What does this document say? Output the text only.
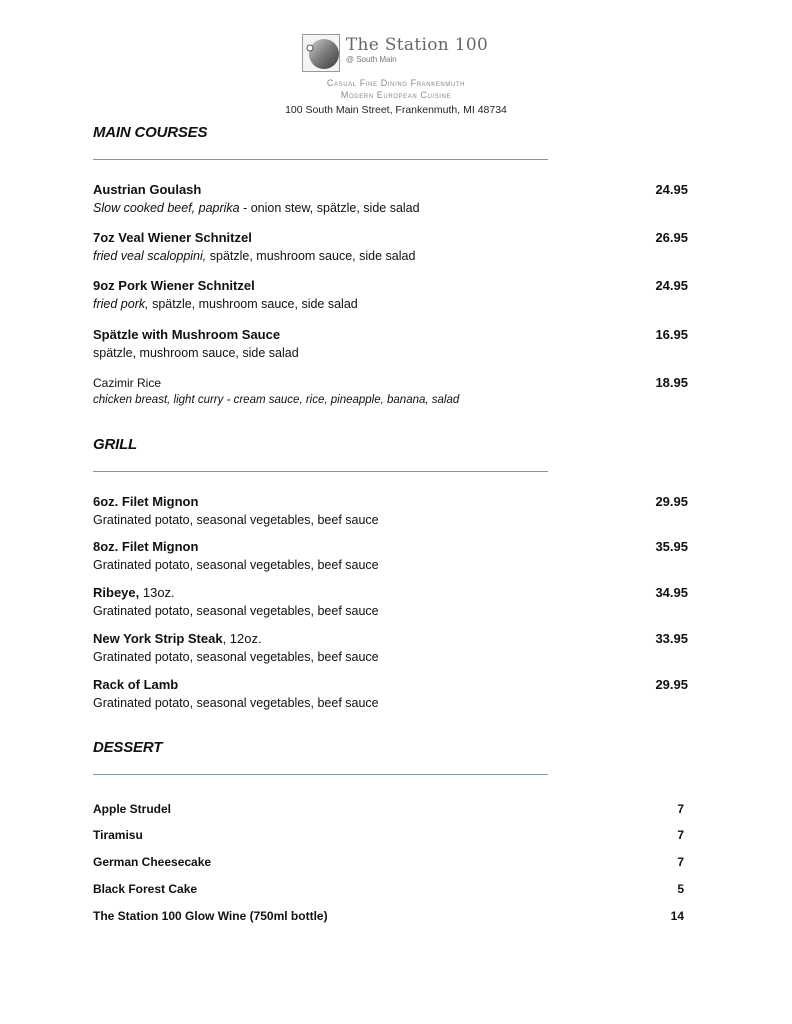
The Station 100
@ South Main
Casual Fine Dining Frankenmuth
Modern European Cuisine
100 South Main Street, Frankenmuth, MI 48734
MAIN COURSES
Austrian Goulash
Slow cooked beef, paprika - onion stew, spätzle, side salad
24.95
7oz Veal Wiener Schnitzel
fried veal scaloppini, spätzle, mushroom sauce, side salad
26.95
9oz Pork Wiener Schnitzel
fried pork, spätzle, mushroom sauce, side salad
24.95
Spätzle with Mushroom Sauce
spätzle, mushroom sauce, side salad
16.95
Cazimir Rice
chicken breast, light curry - cream sauce, rice, pineapple, banana, salad
18.95
GRILL
6oz. Filet Mignon
Gratinated potato, seasonal vegetables, beef sauce
29.95
8oz. Filet Mignon
Gratinated potato, seasonal vegetables, beef sauce
35.95
Ribeye, 13oz.
Gratinated potato, seasonal vegetables, beef sauce
34.95
New York Strip Steak, 12oz.
Gratinated potato, seasonal vegetables, beef sauce
33.95
Rack of Lamb
Gratinated potato, seasonal vegetables, beef sauce
29.95
DESSERT
Apple Strudel	7
Tiramisu	7
German Cheesecake	7
Black Forest Cake	5
The Station 100 Glow Wine (750ml bottle)	14
